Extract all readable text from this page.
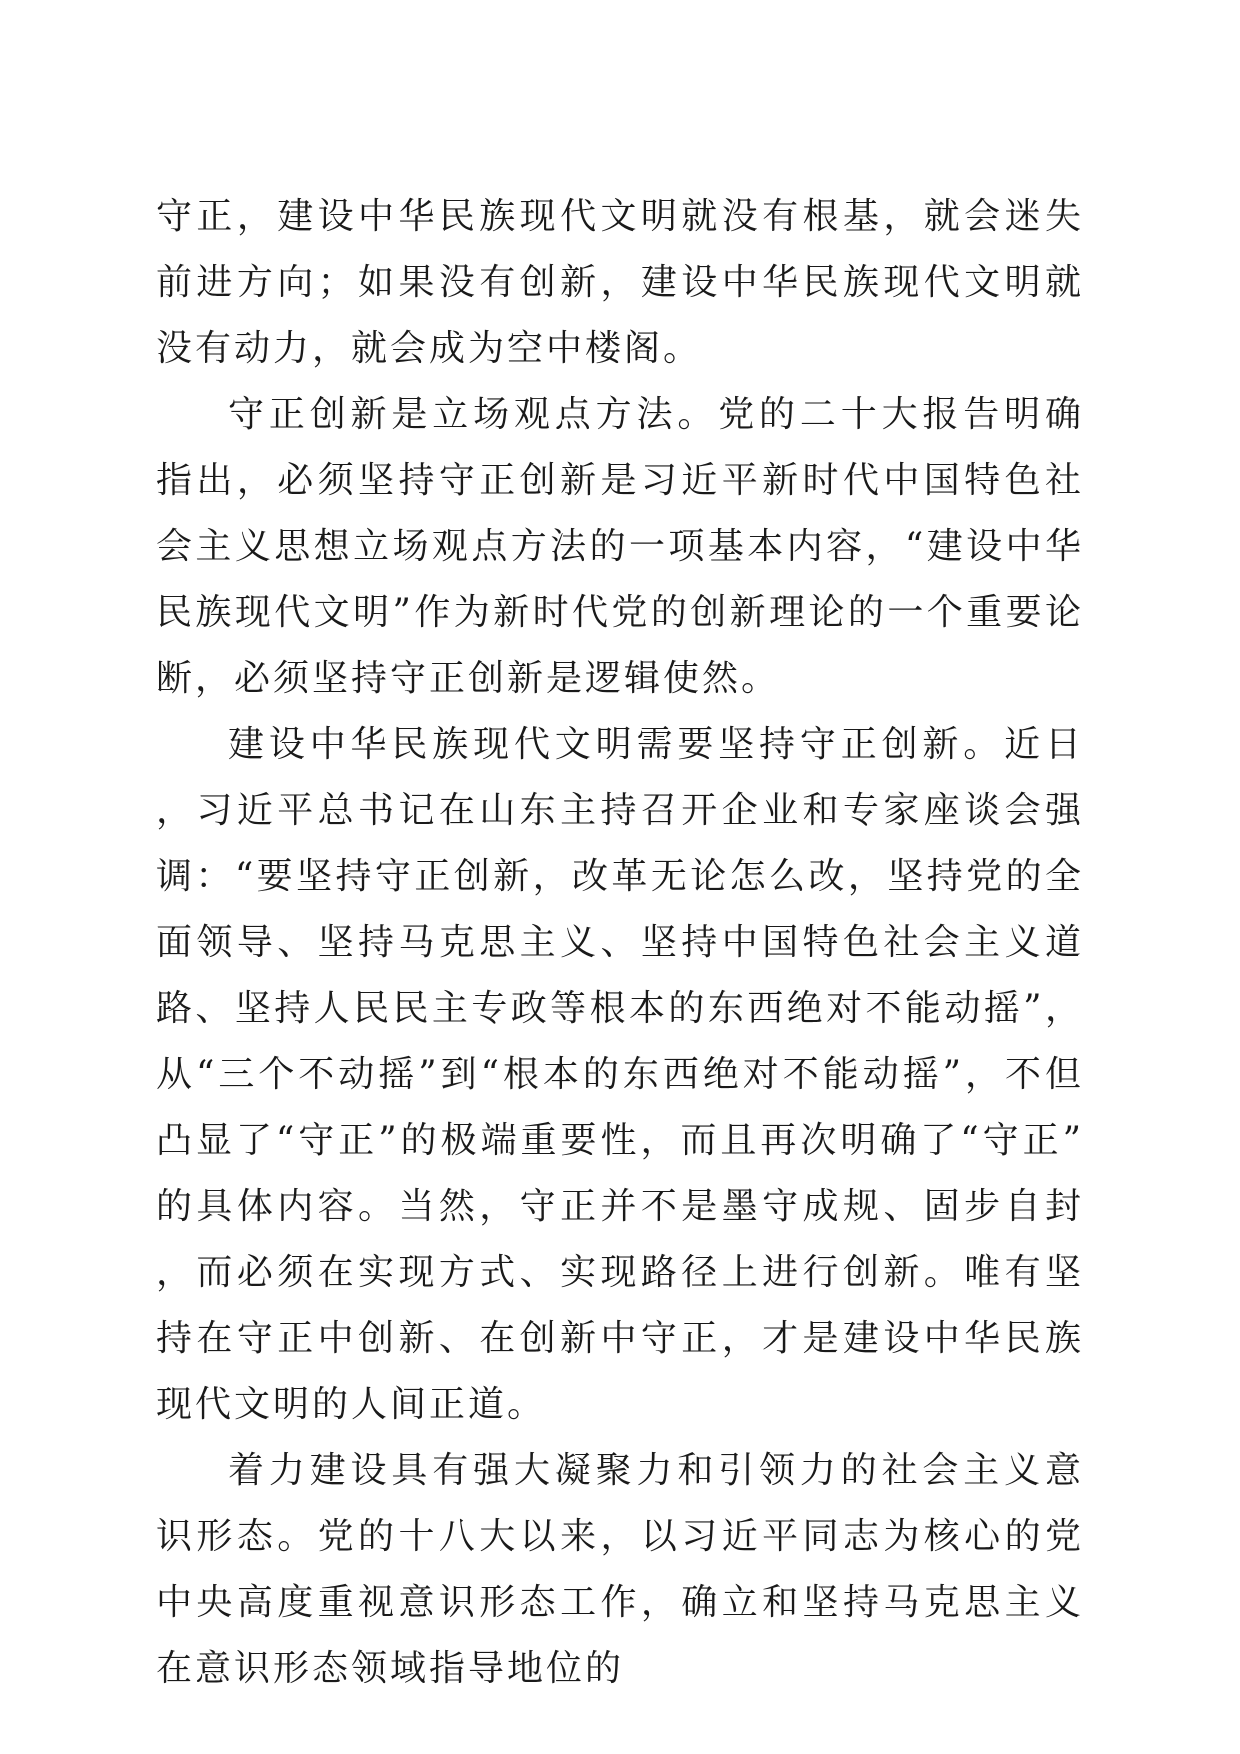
守正，建设中华民族现代文明就没有根基，就会迷失前进方向；如果没有创新，建设中华民族现代文明就没有动力，就会成为空中楼阁。

守正创新是立场观点方法。党的二十大报告明确指出，必须坚持守正创新是习近平新时代中国特色社会主义思想立场观点方法的一项基本内容，“建设中华民族现代文明”作为新时代党的创新理论的一个重要论断，必须坚持守正创新是逻辑使然。

建设中华民族现代文明需要坚持守正创新。近日，习近平总书记在山东主持召开企业和专家座谈会强调：“要坚持守正创新，改革无论怎么改，坚持党的全面领导、坚持马克思主义、坚持中国特色社会主义道路、坚持人民民主专政等根本的东西绝对不能动摇”，从“三个不动摇”到“根本的东西绝对不能动摇”，不但凸显了“守正”的极端重要性，而且再次明确了“守正”的具体内容。当然，守正并不是墨守成规、固步自封，而必须在实现方式、实现路径上进行创新。唯有坚持在守正中创新、在创新中守正，才是建设中华民族现代文明的人间正道。

着力建设具有强大凝聚力和引领力的社会主义意识形态。党的十八大以来，以习近平同志为核心的党中央高度重视意识形态工作，确立和坚持马克思主义在意识形态领域指导地位的
